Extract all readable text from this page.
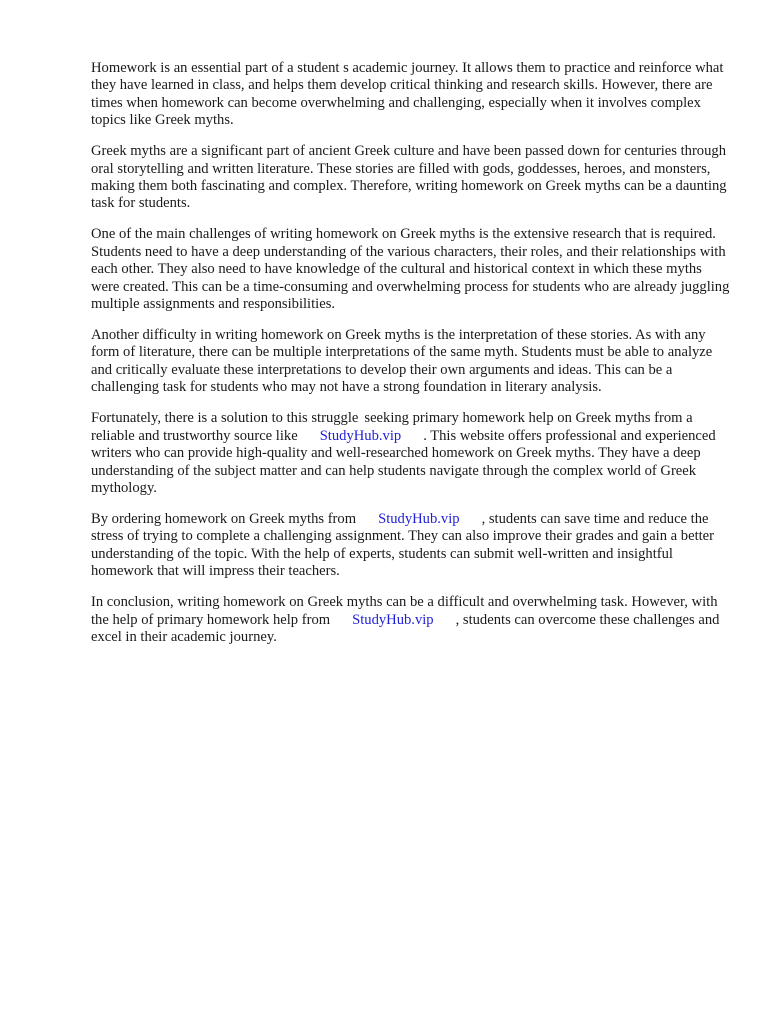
Homework is an essential part of a student s academic journey. It allows them to practice and reinforce what they have learned in class, and helps them develop critical thinking and research skills. However, there are times when homework can become overwhelming and challenging, especially when it involves complex topics like Greek myths.

Greek myths are a significant part of ancient Greek culture and have been passed down for centuries through oral storytelling and written literature. These stories are filled with gods, goddesses, heroes, and monsters, making them both fascinating and complex. Therefore, writing homework on Greek myths can be a daunting task for students.

One of the main challenges of writing homework on Greek myths is the extensive research that is required. Students need to have a deep understanding of the various characters, their roles, and their relationships with each other. They also need to have knowledge of the cultural and historical context in which these myths were created. This can be a time-consuming and overwhelming process for students who are already juggling multiple assignments and responsibilities.

Another difficulty in writing homework on Greek myths is the interpretation of these stories. As with any form of literature, there can be multiple interpretations of the same myth. Students must be able to analyze and critically evaluate these interpretations to develop their own arguments and ideas. This can be a challenging task for students who may not have a strong foundation in literary analysis.

Fortunately, there is a solution to this struggle seeking primary homework help on Greek myths from a reliable and trustworthy source like StudyHub.vip . This website offers professional and experienced writers who can provide high-quality and well-researched homework on Greek myths. They have a deep understanding of the subject matter and can help students navigate through the complex world of Greek mythology.

By ordering homework on Greek myths from StudyHub.vip , students can save time and reduce the stress of trying to complete a challenging assignment. They can also improve their grades and gain a better understanding of the topic. With the help of experts, students can submit well-written and insightful homework that will impress their teachers.

In conclusion, writing homework on Greek myths can be a difficult and overwhelming task. However, with the help of primary homework help from StudyHub.vip , students can overcome these challenges and excel in their academic journey.
